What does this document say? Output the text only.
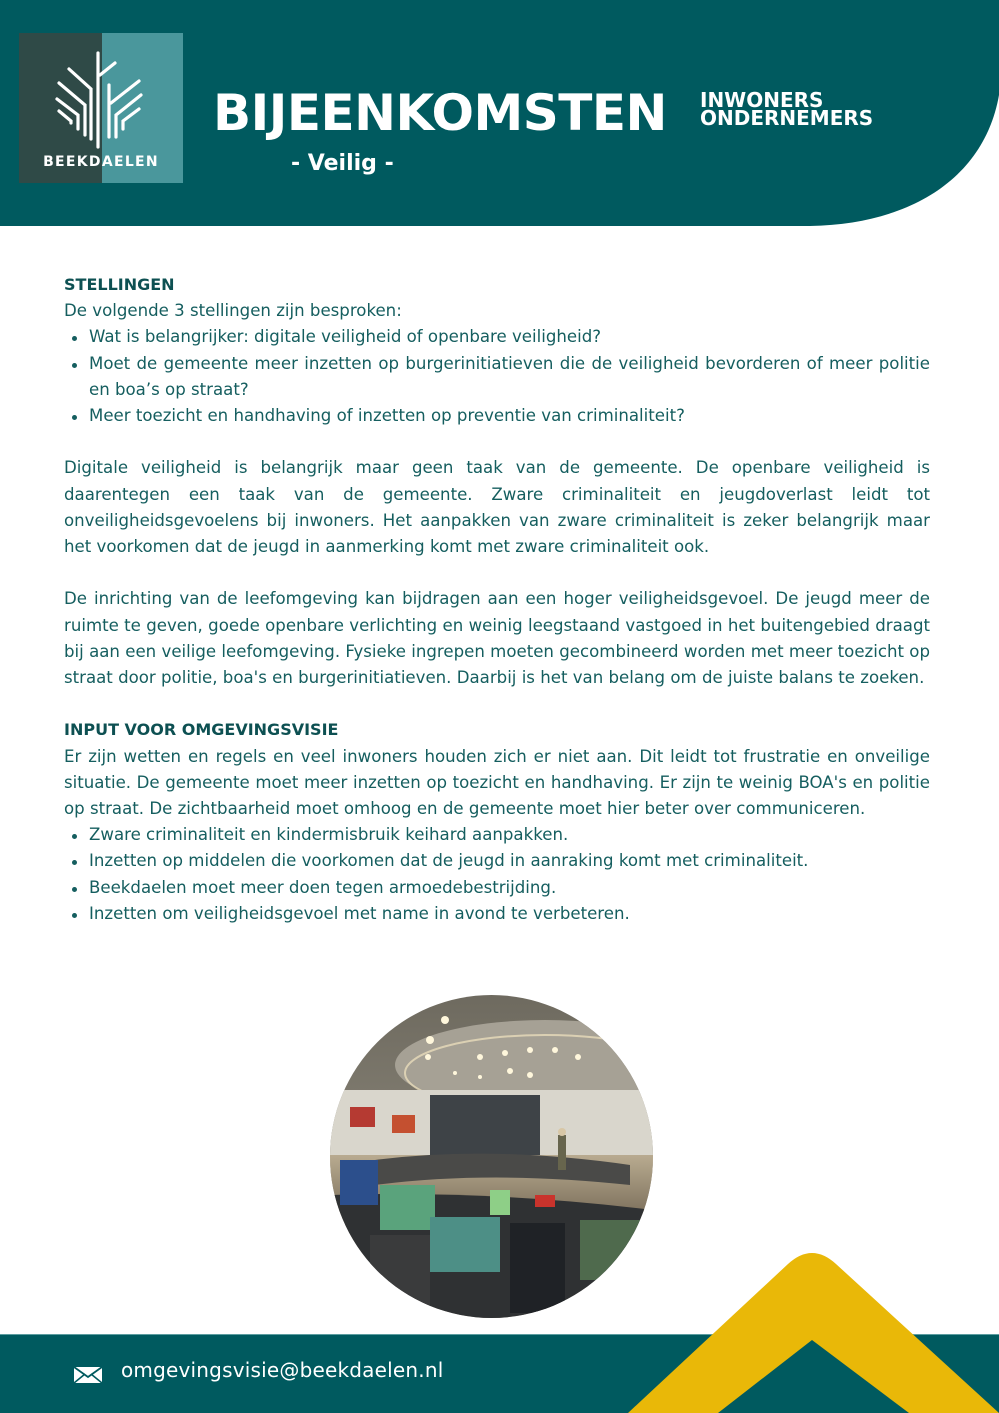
BEEKDAELEN
BIJEENKOMSTEN INWONERS
ONDERNEMERS
- Veilig -
STELLINGEN
De volgende 3 stellingen zijn besproken:
Wat is belangrijker: digitale veiligheid of openbare veiligheid?
Moet de gemeente meer inzetten op burgerinitiatieven die de veiligheid bevorderen of meer politie en boa’s op straat?
Meer toezicht en handhaving of inzetten op preventie van criminaliteit?
Digitale veiligheid is belangrijk maar geen taak van de gemeente. De openbare veiligheid is daarentegen een taak van de gemeente. Zware criminaliteit en jeugdoverlast leidt tot onveiligheidsgevoelens bij inwoners. Het aanpakken van zware criminaliteit is zeker belangrijk maar het voorkomen dat de jeugd in aanmerking komt met zware criminaliteit ook.
De inrichting van de leefomgeving kan bijdragen aan een hoger veiligheidsgevoel. De jeugd meer de ruimte te geven, goede openbare verlichting en weinig leegstaand vastgoed in het buitengebied draagt bij aan een veilige leefomgeving. Fysieke ingrepen moeten gecombineerd worden met meer toezicht op straat door politie, boa's en burgerinitiatieven. Daarbij is het van belang om de juiste balans te zoeken.
INPUT VOOR OMGEVINGSVISIE
Er zijn wetten en regels en veel inwoners houden zich er niet aan. Dit leidt tot frustratie en onveilige situatie. De gemeente moet meer inzetten op toezicht en handhaving. Er zijn te weinig BOA's en politie op straat. De zichtbaarheid moet omhoog en de gemeente moet hier beter over communiceren.
Zware criminaliteit en kindermisbruik keihard aanpakken.
Inzetten op middelen die voorkomen dat de jeugd in aanraking komt met criminaliteit.
Beekdaelen moet meer doen tegen armoedebestrijding.
Inzetten om veiligheidsgevoel met name in avond te verbeteren.
omgevingsvisie@beekdaelen.nl
